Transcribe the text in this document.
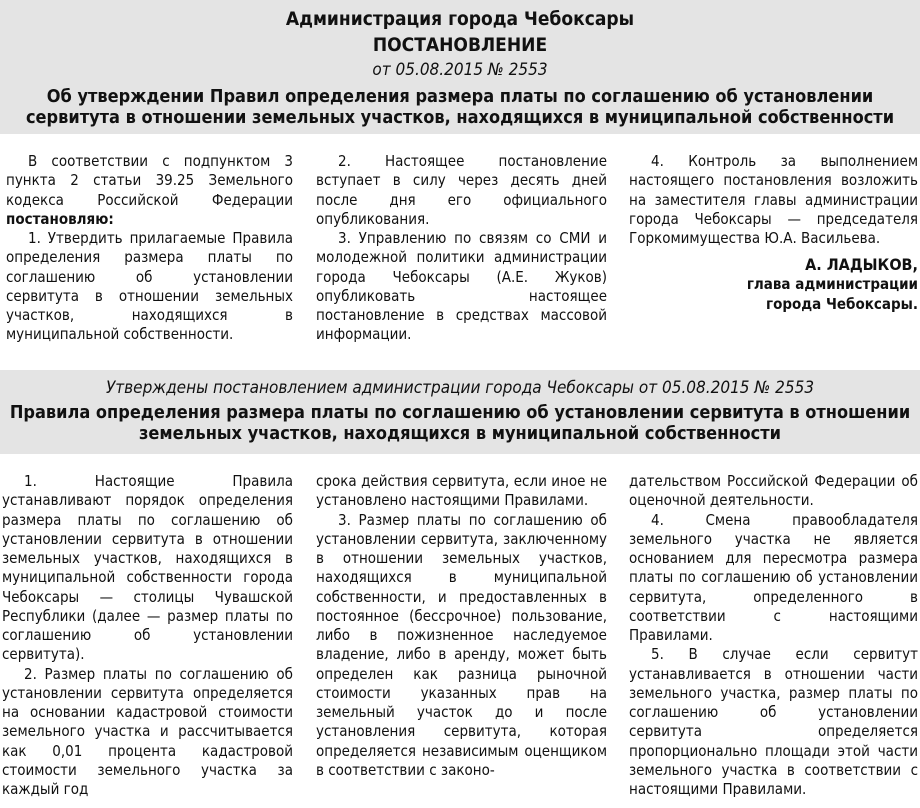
Администрация города Чебоксары
ПОСТАНОВЛЕНИЕ
от 05.08.2015 № 2553
Об утверждении Правил определения размера платы по соглашению об установлении сервитута в отношении земельных участков, находящихся в муниципальной собственности

В соответствии с подпунктом 3 пункта 2 статьи 39.25 Земельного кодекса Российской Федерации постановляю:

1. Утвердить прилагаемые Правила определения размера платы по соглашению об установлении сервитута в отношении земельных участков, находящихся в муниципальной собственности.

2. Настоящее постановление вступает в силу через десять дней после дня его официального опубликования.

3. Управлению по связям со СМИ и молодежной политики администрации города Чебоксары (А.Е. Жуков) опубликовать настоящее постановление в средствах массовой информации.

4. Контроль за выполнением настоящего постановления возложить на заместителя главы администрации города Чебоксары — председателя Горкомимущества Ю.А. Васильева.

А. ЛАДЫКОВ,
глава администрации
города Чебоксары.
Утверждены постановлением администрации города Чебоксары от 05.08.2015 № 2553
Правила определения размера платы по соглашению об установлении сервитута в отношении земельных участков, находящихся в муниципальной собственности

1. Настоящие Правила устанавливают порядок определения размера платы по соглашению об установлении сервитута в отношении земельных участков, находящихся в муниципальной собственности города Чебоксары — столицы Чувашской Республики (далее — размер платы по соглашению об установлении сервитута).

2. Размер платы по соглашению об установлении сервитута определяется на основании кадастровой стоимости земельного участка и рассчитывается как 0,01 процента кадастровой стоимости земельного участка за каждый год

срока действия сервитута, если иное не установлено настоящими Правилами.

3. Размер платы по соглашению об установлении сервитута, заключенному в отношении земельных участков, находящихся в муниципальной собственности, и предоставленных в постоянное (бессрочное) пользование, либо в пожизненное наследуемое владение, либо в аренду, может быть определен как разница рыночной стоимости указанных прав на земельный участок до и после установления сервитута, которая определяется независимым оценщиком в соответствии с законо-

дательством Российской Федерации об оценочной деятельности.

4. Смена правообладателя земельного участка не является основанием для пересмотра размера платы по соглашению об установлении сервитута, определенного в соответствии с настоящими Правилами.

5. В случае если сервитут устанавливается в отношении части земельного участка, размер платы по соглашению об установлении сервитута определяется пропорционально площади этой части земельного участка в соответствии с настоящими Правилами.
